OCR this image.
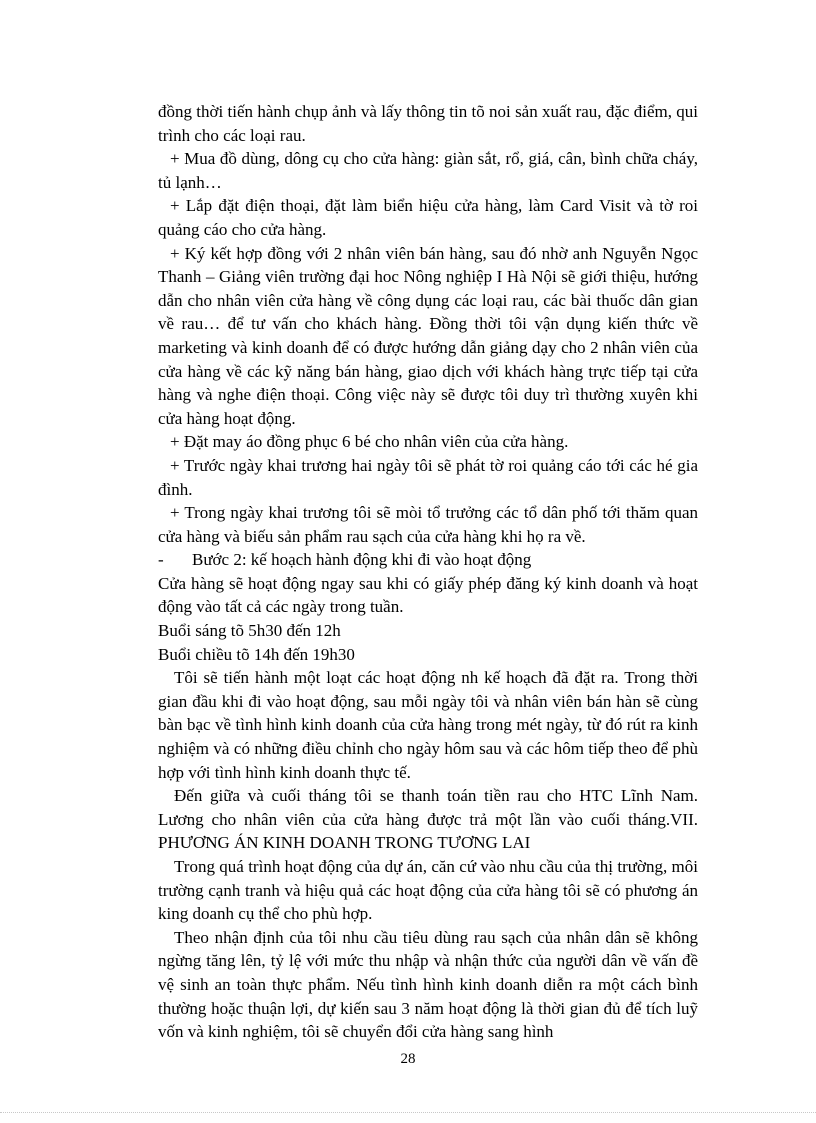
đồng thời tiến hành chụp ảnh và lấy thông tin tõ noi sản xuất rau, đặc điểm, qui trình cho các loại rau.

+ Mua đồ dùng, dông cụ cho cửa hàng: giàn sắt, rổ, giá, cân, bình chữa cháy, tủ lạnh…

+ Lắp đặt điện thoại, đặt làm biển hiệu cửa hàng, làm Card Visit và tờ roi quảng cáo cho cửa hàng.

+ Ký kết hợp đồng với 2 nhân viên bán hàng, sau đó nhờ anh Nguyễn Ngọc Thanh – Giảng viên trường đại hoc Nông nghiệp I Hà Nội sẽ giới thiệu, hướng dẫn cho nhân viên cửa hàng về công dụng các loại rau, các bài thuốc dân gian về rau… để tư vấn cho khách hàng. Đồng thời tôi vận dụng kiến thức về marketing và kinh doanh để có được hướng dẫn giảng dạy cho 2 nhân viên của cửa hàng về các kỹ năng bán hàng, giao dịch với khách hàng trực tiếp tại cửa hàng và nghe điện thoại. Công việc này sẽ được tôi duy trì thường xuyên khi cửa hàng hoạt động.

+ Đặt may áo đồng phục 6 bé cho nhân viên của cửa hàng.

+ Trước ngày khai trương hai ngày tôi sẽ phát tờ roi quảng cáo tới các hé gia đình.

+ Trong ngày khai trương tôi sẽ mòi tổ trưởng các tổ dân phố tới thăm quan cửa hàng và biếu sản phẩm rau sạch của cửa hàng khi họ ra về.

- Bước 2: kế hoạch hành động khi đi vào hoạt động

Cửa hàng sẽ hoạt động ngay sau khi có giấy phép đăng ký kinh doanh và hoạt động vào tất cả các ngày trong tuần.

Buổi sáng tõ 5h30 đến 12h

Buổi chiều tõ 14h đến 19h30

Tôi sẽ tiến hành một loạt các hoạt động nh kế hoạch đã đặt ra. Trong thời gian đầu khi đi vào hoạt động, sau mỗi ngày tôi và nhân viên bán hàn sẽ cùng bàn bạc về tình hình kinh doanh của cửa hàng trong mét ngày, từ đó rút ra kinh nghiệm và có những điều chỉnh cho ngày hôm sau và các hôm tiếp theo để phù hợp với tình hình kinh doanh thực tế.

Đến giữa và cuối tháng tôi se thanh toán tiền rau cho HTC Lĩnh Nam. Lương cho nhân viên của cửa hàng được trả một lần vào cuối tháng.VII. PHƯƠNG ÁN KINH DOANH TRONG TƯƠNG LAI

Trong quá trình hoạt động của dự án, căn cứ vào nhu cầu của thị trường, môi trường cạnh tranh và hiệu quả các hoạt động của cửa hàng tôi sẽ có phương án king doanh cụ thể cho phù hợp.

Theo nhận định của tôi nhu cầu tiêu dùng rau sạch của nhân dân sẽ không ngừng tăng lên, tỷ lệ với mức thu nhập và nhận thức của người dân về vấn đề vệ sinh an toàn thực phẩm. Nếu tình hình kinh doanh diễn ra một cách bình thường hoặc thuận lợi, dự kiến sau 3 năm hoạt động là thời gian đủ để tích luỹ vốn và kinh nghiệm, tôi sẽ chuyển đổi cửa hàng sang hình

28
